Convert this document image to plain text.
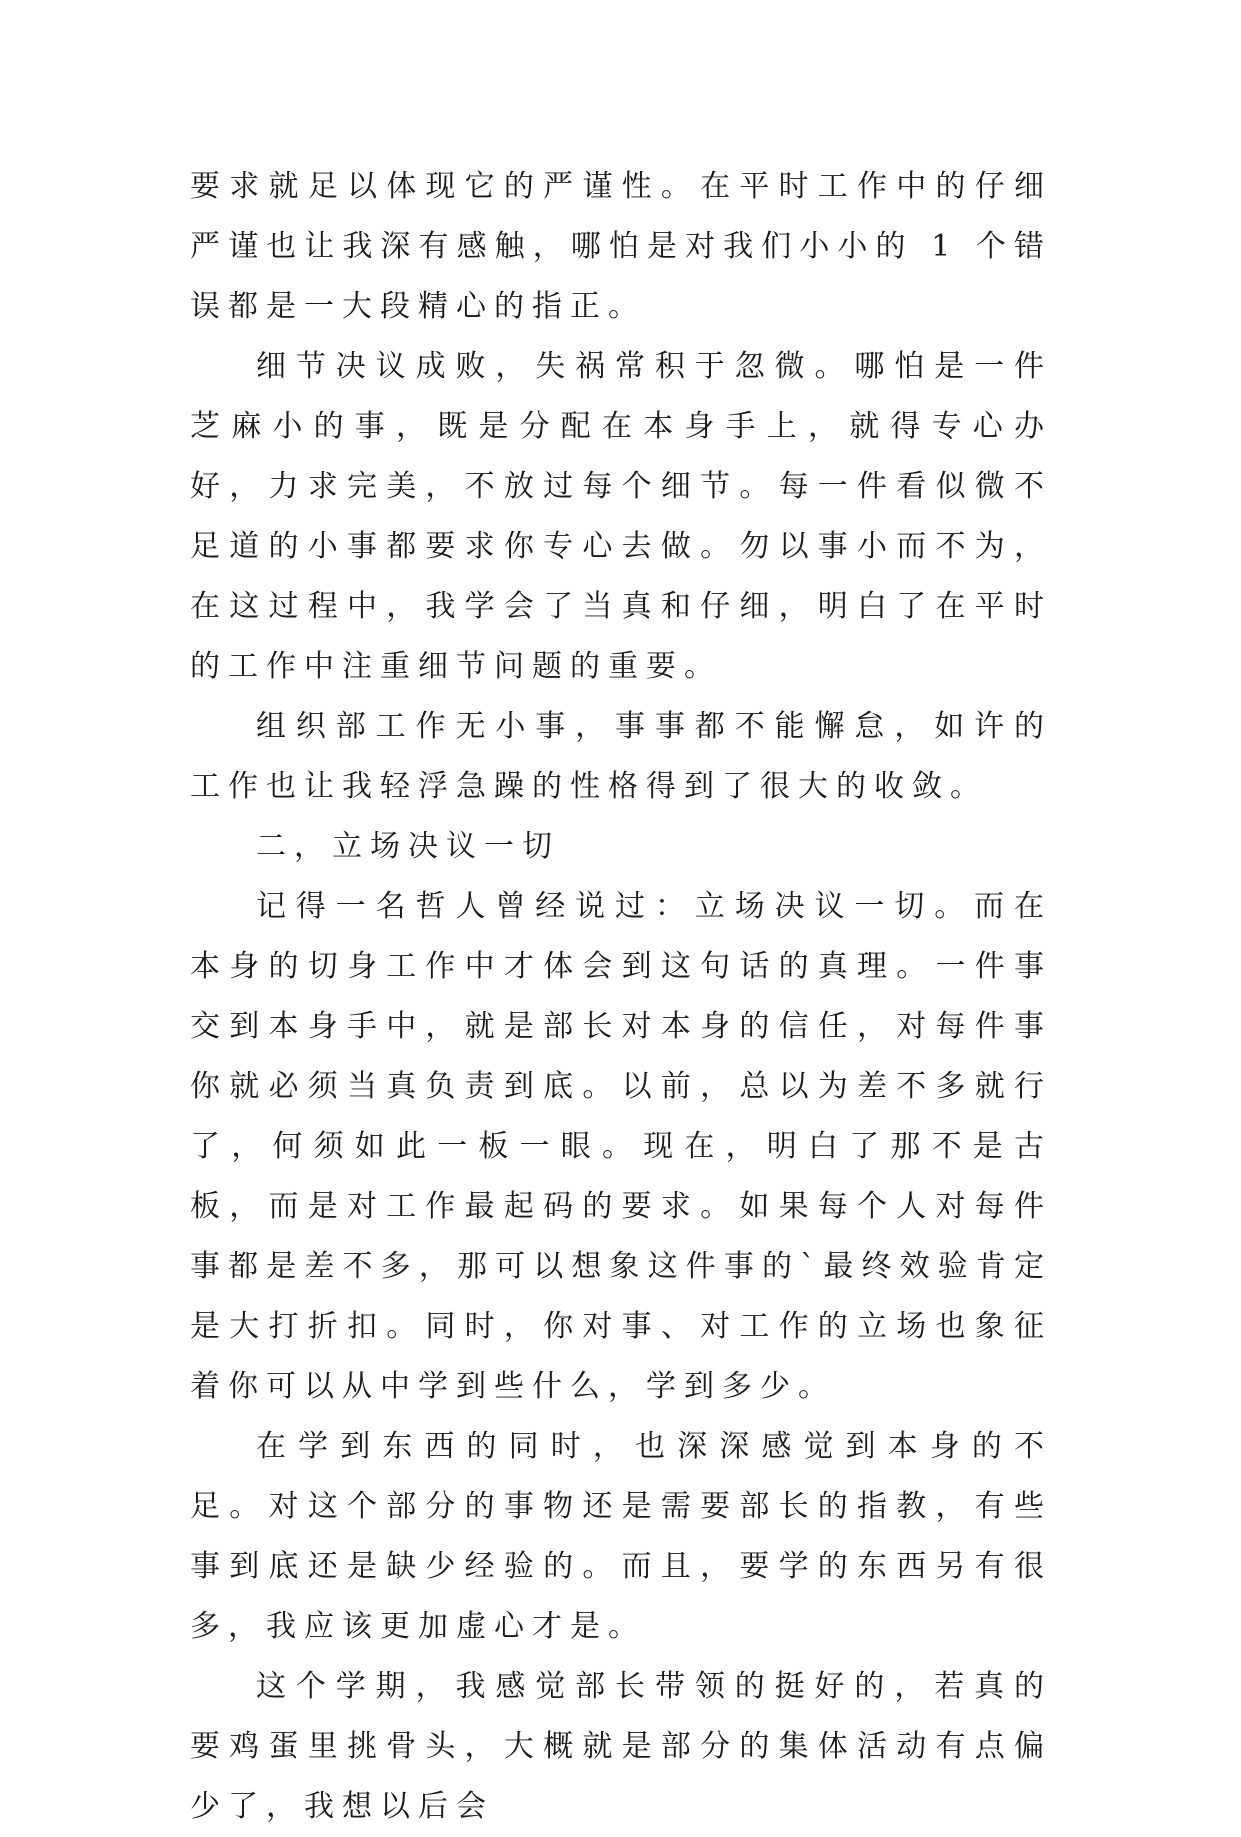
要求就足以体现它的严谨性。在平时工作中的仔细严谨也让我深有感触，哪怕是对我们小小的 1 个错误都是一大段精心的指正。

细节决议成败，失祸常积于忽微。哪怕是一件芝麻小的事，既是分配在本身手上，就得专心办好，力求完美，不放过每个细节。每一件看似微不足道的小事都要求你专心去做。勿以事小而不为，在这过程中，我学会了当真和仔细，明白了在平时的工作中注重细节问题的重要。

组织部工作无小事，事事都不能懈怠，如许的工作也让我轻浮急躁的性格得到了很大的收敛。

二，立场决议一切

记得一名哲人曾经说过：立场决议一切。而在本身的切身工作中才体会到这句话的真理。一件事交到本身手中，就是部长对本身的信任，对每件事你就必须当真负责到底。以前，总以为差不多就行了，何须如此一板一眼。现在，明白了那不是古板，而是对工作最起码的要求。如果每个人对每件事都是差不多，那可以想象这件事的`最终效验肯定是大打折扣。同时，你对事、对工作的立场也象征着你可以从中学到些什么，学到多少。

在学到东西的同时，也深深感觉到本身的不足。对这个部分的事物还是需要部长的指教，有些事到底还是缺少经验的。而且，要学的东西另有很多，我应该更加虚心才是。

这个学期，我感觉部长带领的挺好的，若真的要鸡蛋里挑骨头，大概就是部分的集体活动有点偏少了，我想以后会
